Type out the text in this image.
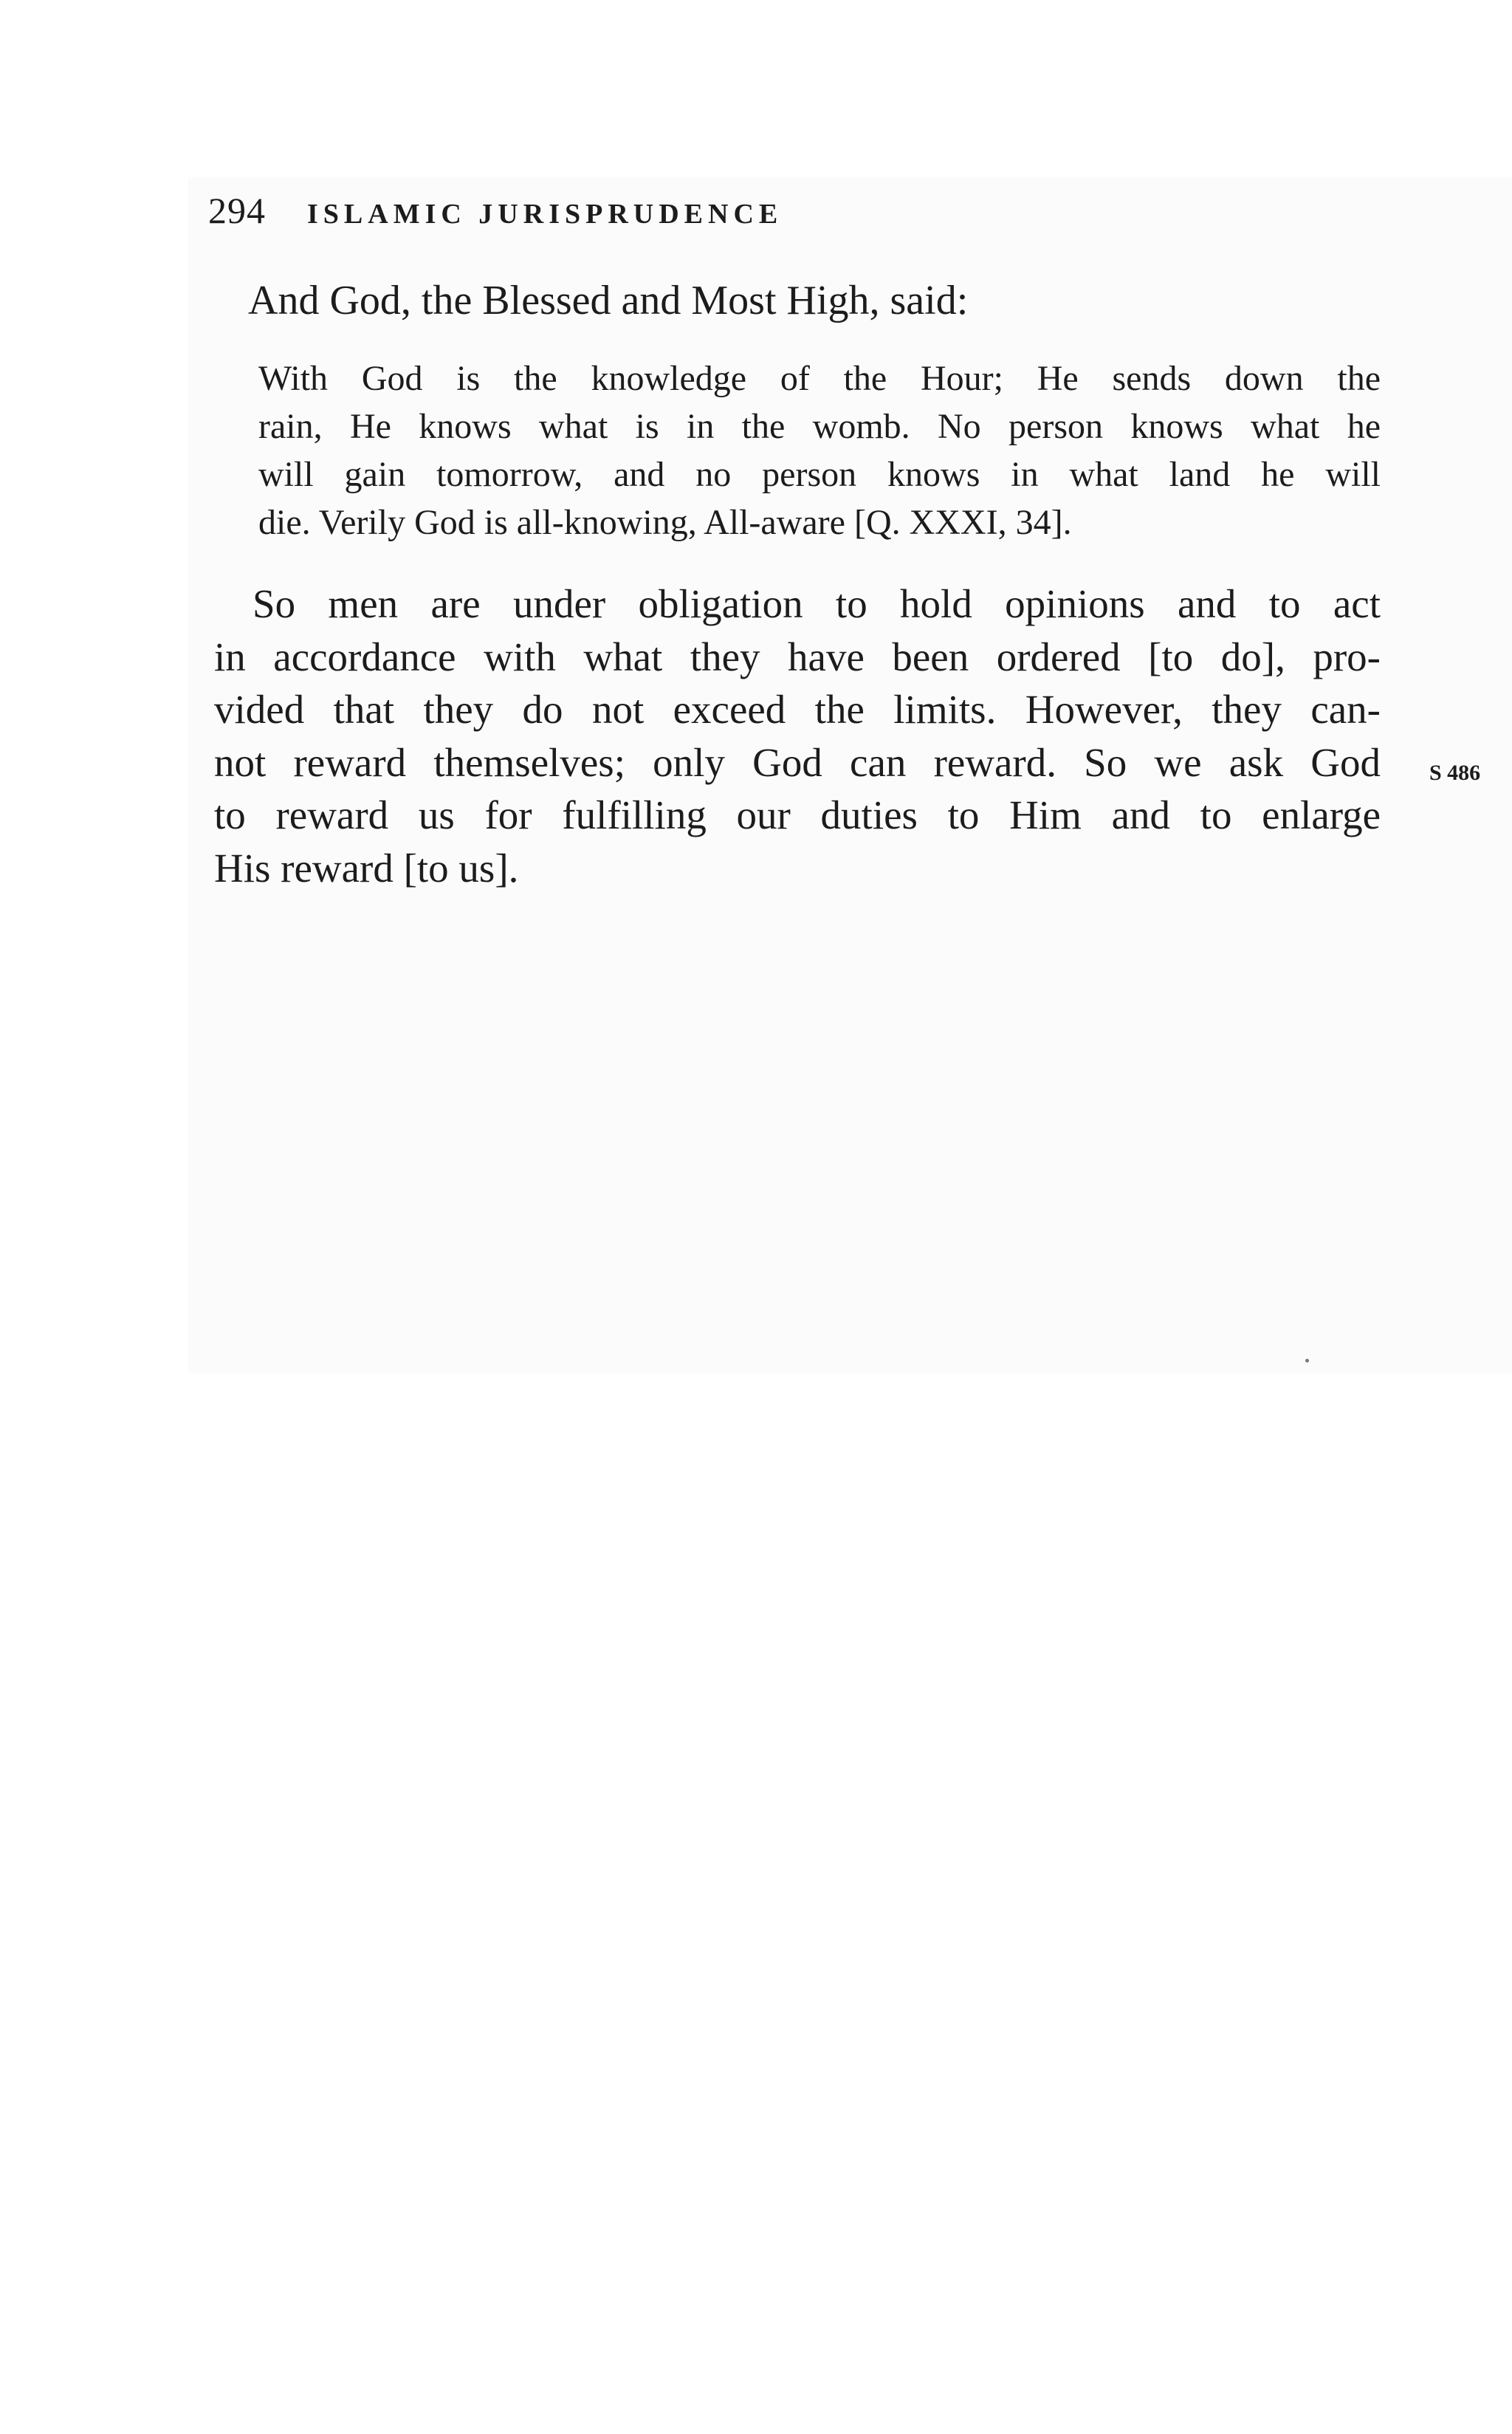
294 ISLAMIC JURISPRUDENCE
And God, the Blessed and Most High, said:
With God is the knowledge of the Hour; He sends down the
rain, He knows what is in the womb. No person knows what he
will gain tomorrow, and no person knows in what land he will
die. Verily God is all-knowing, All-aware [Q. XXXI, 34].
So men are under obligation to hold opinions and to act
in accordance with what they have been ordered [to do], pro-
vided that they do not exceed the limits. However, they can-
not reward themselves; only God can reward. So we ask God
to reward us for fulfilling our duties to Him and to enlarge
His reward [to us].
S 486
